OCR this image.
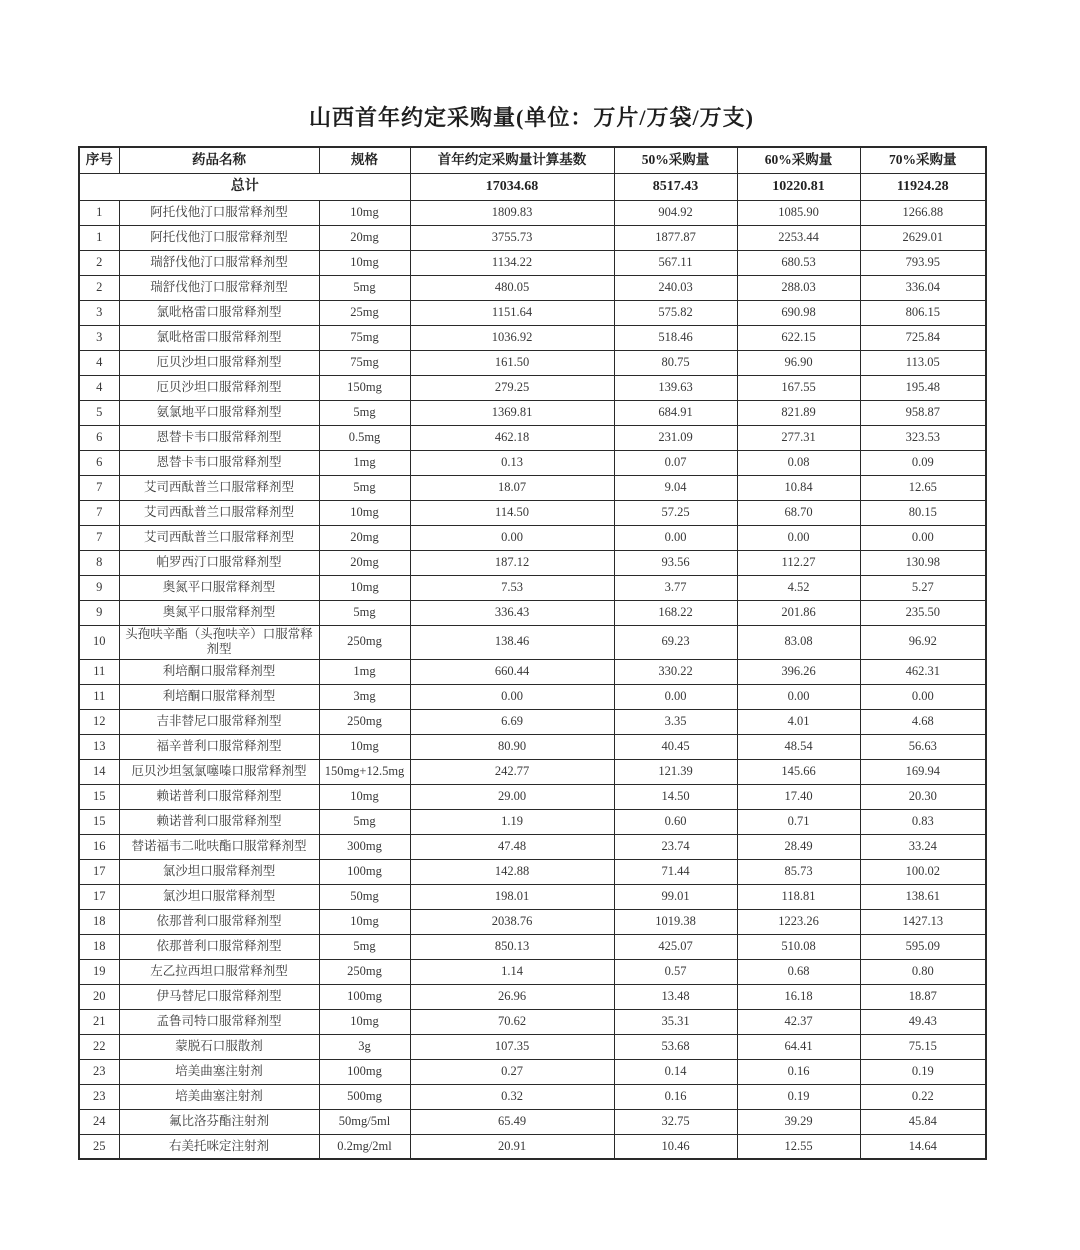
山西首年约定采购量(单位：万片/万袋/万支)
序号	药品名称	规格	首年约定采购量计算基数	50%采购量	60%采购量	70%采购量
总计			17034.68	8517.43	10220.81	11924.28
1	阿托伐他汀口服常释剂型	10mg	1809.83	904.92	1085.90	1266.88
1	阿托伐他汀口服常释剂型	20mg	3755.73	1877.87	2253.44	2629.01
2	瑞舒伐他汀口服常释剂型	10mg	1134.22	567.11	680.53	793.95
2	瑞舒伐他汀口服常释剂型	5mg	480.05	240.03	288.03	336.04
3	氯吡格雷口服常释剂型	25mg	1151.64	575.82	690.98	806.15
3	氯吡格雷口服常释剂型	75mg	1036.92	518.46	622.15	725.84
4	厄贝沙坦口服常释剂型	75mg	161.50	80.75	96.90	113.05
4	厄贝沙坦口服常释剂型	150mg	279.25	139.63	167.55	195.48
5	氨氯地平口服常释剂型	5mg	1369.81	684.91	821.89	958.87
6	恩替卡韦口服常释剂型	0.5mg	462.18	231.09	277.31	323.53
6	恩替卡韦口服常释剂型	1mg	0.13	0.07	0.08	0.09
7	艾司西酞普兰口服常释剂型	5mg	18.07	9.04	10.84	12.65
7	艾司西酞普兰口服常释剂型	10mg	114.50	57.25	68.70	80.15
7	艾司西酞普兰口服常释剂型	20mg	0.00	0.00	0.00	0.00
8	帕罗西汀口服常释剂型	20mg	187.12	93.56	112.27	130.98
9	奥氮平口服常释剂型	10mg	7.53	3.77	4.52	5.27
9	奥氮平口服常释剂型	5mg	336.43	168.22	201.86	235.50
10	头孢呋辛酯（头孢呋辛）口服常释剂型	250mg	138.46	69.23	83.08	96.92
11	利培酮口服常释剂型	1mg	660.44	330.22	396.26	462.31
11	利培酮口服常释剂型	3mg	0.00	0.00	0.00	0.00
12	吉非替尼口服常释剂型	250mg	6.69	3.35	4.01	4.68
13	福辛普利口服常释剂型	10mg	80.90	40.45	48.54	56.63
14	厄贝沙坦氢氯噻嗪口服常释剂型	150mg+12.5mg	242.77	121.39	145.66	169.94
15	赖诺普利口服常释剂型	10mg	29.00	14.50	17.40	20.30
15	赖诺普利口服常释剂型	5mg	1.19	0.60	0.71	0.83
16	替诺福韦二吡呋酯口服常释剂型	300mg	47.48	23.74	28.49	33.24
17	氯沙坦口服常释剂型	100mg	142.88	71.44	85.73	100.02
17	氯沙坦口服常释剂型	50mg	198.01	99.01	118.81	138.61
18	依那普利口服常释剂型	10mg	2038.76	1019.38	1223.26	1427.13
18	依那普利口服常释剂型	5mg	850.13	425.07	510.08	595.09
19	左乙拉西坦口服常释剂型	250mg	1.14	0.57	0.68	0.80
20	伊马替尼口服常释剂型	100mg	26.96	13.48	16.18	18.87
21	孟鲁司特口服常释剂型	10mg	70.62	35.31	42.37	49.43
22	蒙脱石口服散剂	3g	107.35	53.68	64.41	75.15
23	培美曲塞注射剂	100mg	0.27	0.14	0.16	0.19
23	培美曲塞注射剂	500mg	0.32	0.16	0.19	0.22
24	氟比洛芬酯注射剂	50mg/5ml	65.49	32.75	39.29	45.84
25	右美托咪定注射剂	0.2mg/2ml	20.91	10.46	12.55	14.64
